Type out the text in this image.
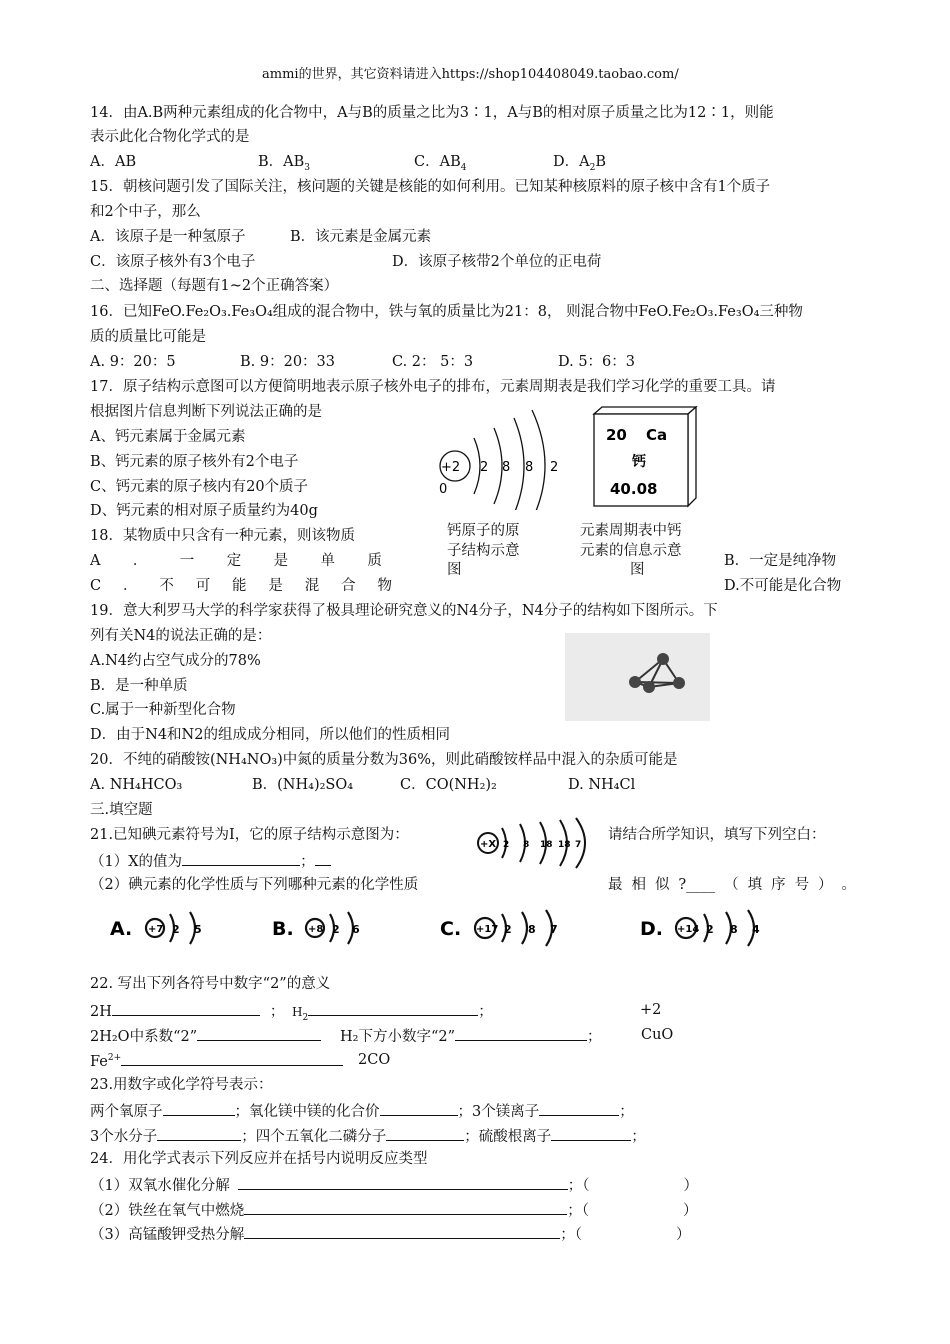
ammi的世界，其它资料请进入https://shop104408049.taobao.com/
14．由A.B两种元素组成的化合物中，A与B的质量之比为3∶1，A与B的相对原子质量之比为12∶1，则能
表示此化合物化学式的是
A．AB	B．$AB_3$	C．$AB_4$	D．$A_2B$
15．朝核问题引发了国际关注，核问题的关键是核能的如何利用。已知某种核原料的原子核中含有1个质子
和2个中子，那么
A．该原子是一种氢原子	B．该元素是金属元素
C．该原子核外有3个电子	D．该原子核带2个单位的正电荷
二、选择题（每题有1~2个正确答案）
16．已知FeO.Fe₂O₃.Fe₃O₄组成的混合物中，铁与氧的质量比为21：8， 则混合物中FeO.Fe₂O₃.Fe₃O₄三种物
质的质量比可能是
A. 9：20：5	B. 9：20：33	C. 2： 5：3	D. 5：6：3
17．原子结构示意图可以方便简明地表示原子核外电子的排布，元素周期表是我们学习化学的重要工具。请
根据图片信息判断下列说法正确的是
A、钙元素属于金属元素
B、钙元素的原子核外有2个电子
C、钙元素的原子核内有20个质子
D、钙元素的相对原子质量约为40g
+2
0
2 8 8 2
钙原子的原
子结构示意
图
20 Ca
钙
40.08
元素周期表中钙
元素的信息示意
图
18．某物质中只含有一种元素，则该物质
A ． 一 定 是 单 质
C ． 不 可 能 是 混 合 物
B．一定是纯净物
D.不可能是化合物
19．意大利罗马大学的科学家获得了极具理论研究意义的N4分子，N4分子的结构如下图所示。下
列有关N4的说法正确的是：
A.N4约占空气成分的78%
B．是一种单质
C.属于一种新型化合物
D．由于N4和N2的组成成分相同，所以他们的性质相同
20．不纯的硝酸铵(NH₄NO₃)中氮的质量分数为36%，则此硝酸铵样品中混入的杂质可能是
A. NH₄HCO₃	B．(NH₄)₂SO₄	C．CO(NH₂)₂	D. NH₄Cl
三.填空题
21.已知碘元素符号为I，它的原子结构示意图为：
+X 2 8 18 18 7
请结合所学知识，填写下列空白：
（1）X的值为	；
（2）碘元素的化学性质与下列哪种元素的化学性质	最 相 似 ?____ （ 填 序 号 ） 。
A. +7 2 5	B. +8 2 6	C. +17 2 8 7	D. +14 2 8 4
22. 写出下列各符号中数字“2”的意义
2H	； $H_2$	；	+2
2H₂O中系数“2”	H₂下方小数字“2”	；	CuO
$Fe^{2+}$	2CO
23.用数字或化学符号表示：
两个氧原子	；氧化镁中镁的化合价	；3个镁离子	；
3个水分子	；四个五氧化二磷分子	；硫酸根离子	；
24．用化学式表示下列反应并在括号内说明反应类型
（1）双氧水催化分解	；（	）
（2）铁丝在氧气中燃烧	；（	）
（3）高锰酸钾受热分解	；（	）
